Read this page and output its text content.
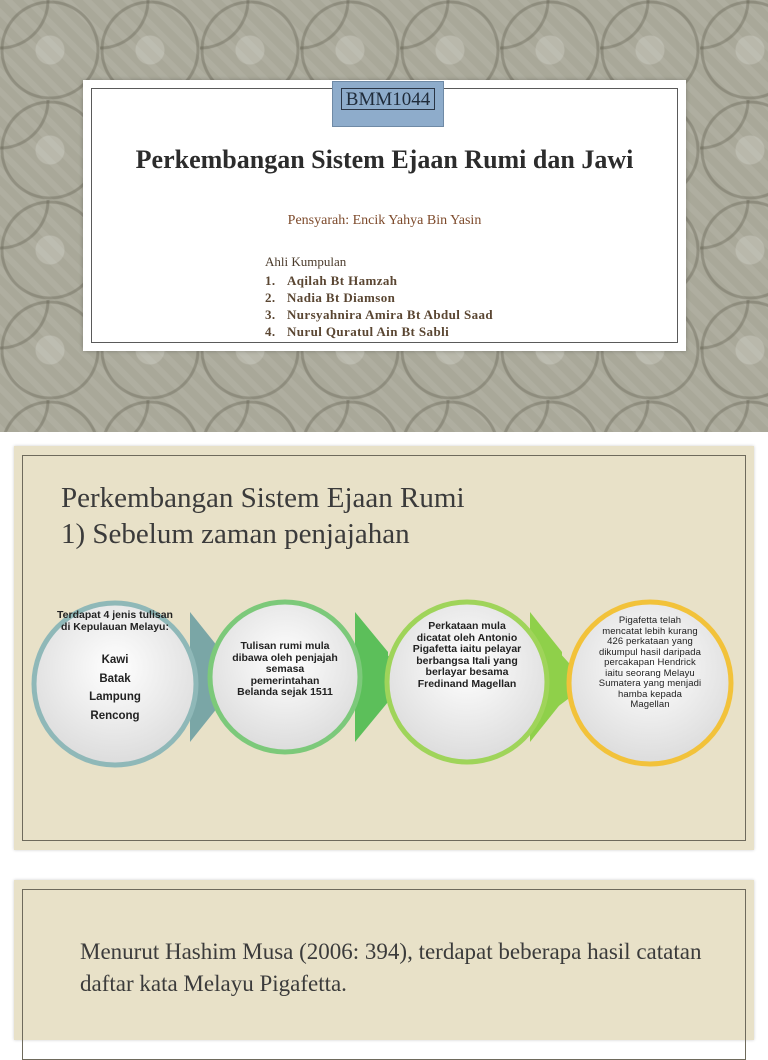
BMM1044
Perkembangan Sistem Ejaan Rumi dan Jawi
Pensyarah: Encik Yahya Bin Yasin
Ahli Kumpulan
1. Aqilah Bt Hamzah
2. Nadia Bt Diamson
3. Nursyahnira Amira Bt Abdul Saad
4. Nurul Quratul Ain Bt Sabli
Perkembangan Sistem Ejaan Rumi
1) Sebelum zaman penjajahan
Terdapat 4 jenis tulisan di Kepulauan Melayu:
Kawi
Batak
Lampung
Rencong
Tulisan rumi mula dibawa oleh penjajah semasa pemerintahan Belanda sejak 1511
Perkataan mula dicatat oleh Antonio Pigafetta iaitu pelayar berbangsa Itali yang berlayar besama Fredinand Magellan
Pigafetta telah mencatat lebih kurang 426 perkataan yang dikumpul hasil daripada percakapan Hendrick iaitu seorang Melayu Sumatera yang menjadi hamba kepada Magellan
Menurut Hashim Musa (2006: 394), terdapat beberapa hasil catatan daftar kata Melayu Pigafetta.
